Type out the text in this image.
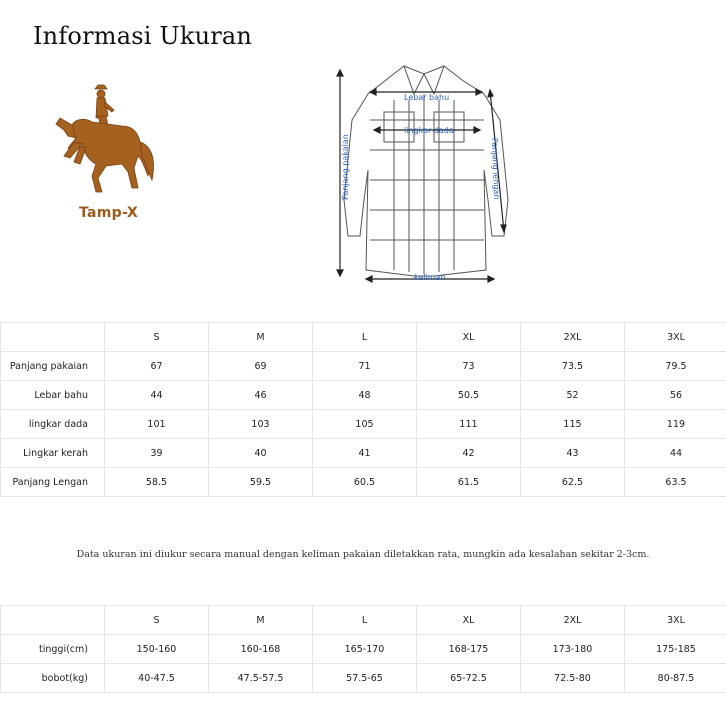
Informasi Ukuran
Tamp-X
Lebar bahu
lingkar dada
Panjang pakaian	Panjang lengan
keliman
	S	M	L	XL	2XL	3XL
Panjang pakaian	67	69	71	73	73.5	79.5
Lebar bahu	44	46	48	50.5	52	56
lingkar dada	101	103	105	111	115	119
Lingkar kerah	39	40	41	42	43	44
Panjang Lengan	58.5	59.5	60.5	61.5	62.5	63.5
Data ukuran ini diukur secara manual dengan keliman pakaian diletakkan rata, mungkin ada kesalahan sekitar 2-3cm.
	S	M	L	XL	2XL	3XL
tinggi(cm)	150-160	160-168	165-170	168-175	173-180	175-185
bobot(kg)	40-47.5	47.5-57.5	57.5-65	65-72.5	72.5-80	80-87.5
